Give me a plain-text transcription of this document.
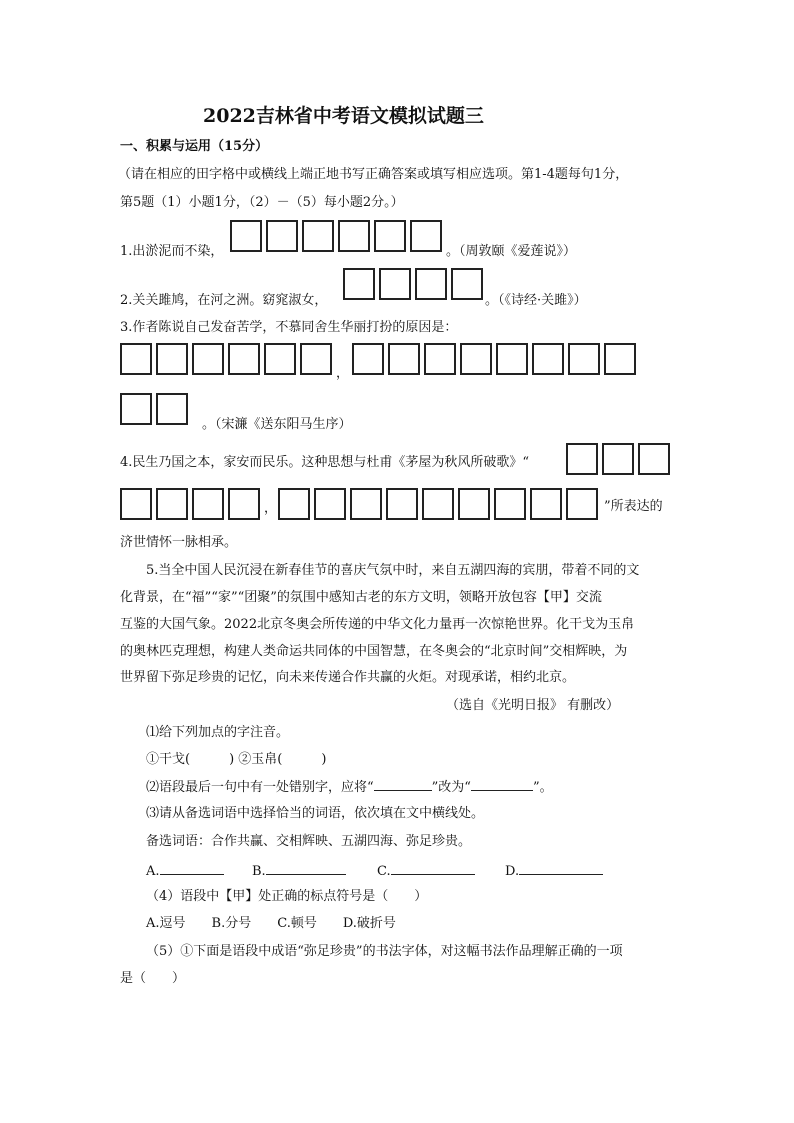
2022吉林省中考语文模拟试题三
一、积累与运用（15分）
（请在相应的田字格中或横线上端正地书写正确答案或填写相应选项。第1-4题每句1分，
第5题（1）小题1分，（2）－（5）每小题2分。）
1.出淤泥而不染，	。（周敦颐《爱莲说》）
2.关关雎鸠，在河之洲。窈窕淑女，	。（《诗经·关雎》）
3.作者陈说自己发奋苦学，不慕同舍生华丽打扮的原因是：
，
。（宋濂《送东阳马生序）
4.民生乃国之本，家安而民乐。这种思想与杜甫《茅屋为秋风所破歌》“
，	”所表达的
济世情怀一脉相承。
5.当全中国人民沉浸在新春佳节的喜庆气氛中时，来自五湖四海的宾朋，带着不同的文
化背景，在“福”“家”“团聚”的氛围中感知古老的东方文明，领略开放包容【甲】交流
互鉴的大国气象。2022北京冬奥会所传递的中华文化力量再一次惊艳世界。化干戈为玉帛
的奥林匹克理想，构建人类命运共同体的中国智慧，在冬奥会的“北京时间”交相辉映，为
世界留下弥足珍贵的记忆，向未来传递合作共赢的火炬。对现承诺，相约北京。
（选自《光明日报》 有删改）
⑴给下列加点的字注音。
①干戈(　　　) ②玉帛(　　　)
⑵语段最后一句中有一处错别字，应将“	”改为“	”。
⑶请从备选词语中选择恰当的词语，依次填在文中横线处。
备选词语：合作共赢、交相辉映、五湖四海、弥足珍贵。
A.	B.	C.	D.
（4）语段中【甲】处正确的标点符号是（　　）
A.逗号　　B.分号　　C.顿号　　D.破折号
（5）①下面是语段中成语“弥足珍贵”的书法字体，对这幅书法作品理解正确的一项
是（　　）
